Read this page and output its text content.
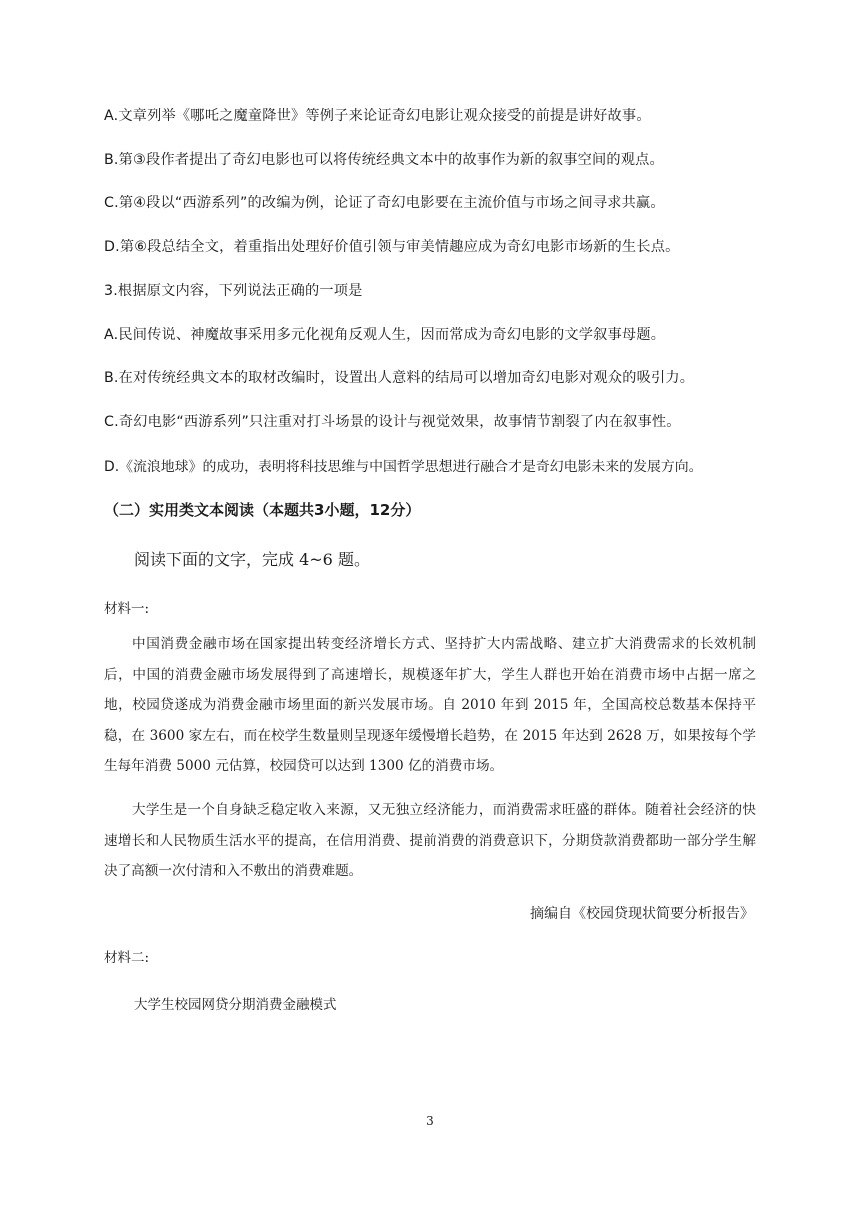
A.文章列举《哪吒之魔童降世》等例子来论证奇幻电影让观众接受的前提是讲好故事。
B.第③段作者提出了奇幻电影也可以将传统经典文本中的故事作为新的叙事空间的观点。
C.第④段以“西游系列”的改编为例，论证了奇幻电影要在主流价值与市场之间寻求共赢。
D.第⑥段总结全文，着重指出处理好价值引领与审美情趣应成为奇幻电影市场新的生长点。
3.根据原文内容，下列说法正确的一项是
A.民间传说、神魔故事采用多元化视角反观人生，因而常成为奇幻电影的文学叙事母题。
B.在对传统经典文本的取材改编时，设置出人意料的结局可以增加奇幻电影对观众的吸引力。
C.奇幻电影“西游系列”只注重对打斗场景的设计与视觉效果，故事情节割裂了内在叙事性。
D.《流浪地球》的成功，表明将科技思维与中国哲学思想进行融合才是奇幻电影未来的发展方向。
（二）实用类文本阅读（本题共3小题，12分）
阅读下面的文字，完成 4~6 题。
材料一:
中国消费金融市场在国家提出转变经济增长方式、坚持扩大内需战略、建立扩大消费需求的长效机制后，中国的消费金融市场发展得到了高速增长，规模逐年扩大，学生人群也开始在消费市场中占据一席之地，校园贷遂成为消费金融市场里面的新兴发展市场。自 2010 年到 2015 年，全国高校总数基本保持平稳，在 3600 家左右，而在校学生数量则呈现逐年缓慢增长趋势，在 2015 年达到 2628 万，如果按每个学生每年消费 5000 元估算，校园贷可以达到 1300 亿的消费市场。
大学生是一个自身缺乏稳定收入来源，又无独立经济能力，而消费需求旺盛的群体。随着社会经济的快速增长和人民物质生活水平的提高，在信用消费、提前消费的消费意识下，分期贷款消费都助一部分学生解决了高额一次付清和入不敷出的消费难题。
摘编自《校园贷现状简要分析报告》
材料二:
大学生校园网贷分期消费金融模式
3
